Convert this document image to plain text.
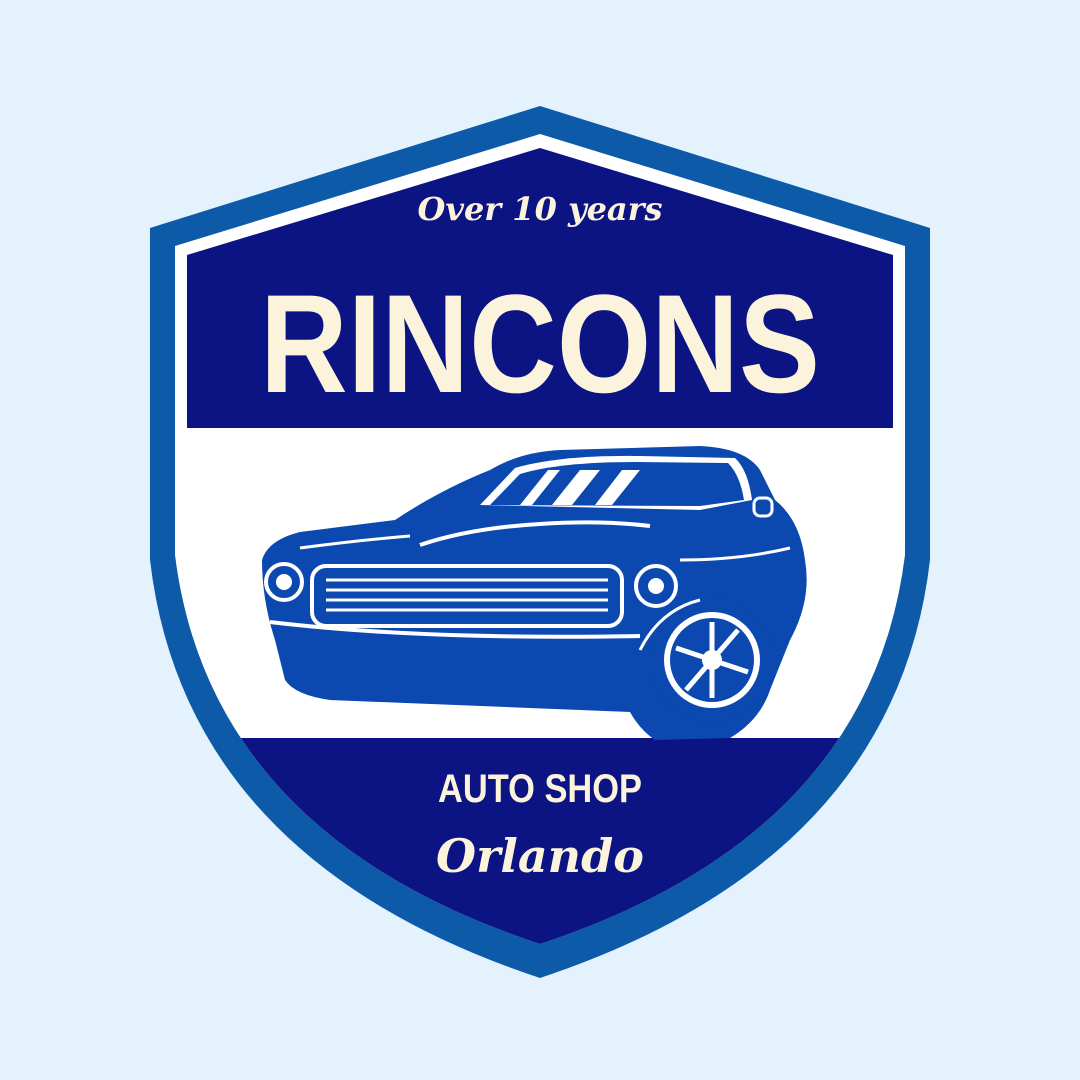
Over 10 years
RINCONS
AUTO SHOP
Orlando
